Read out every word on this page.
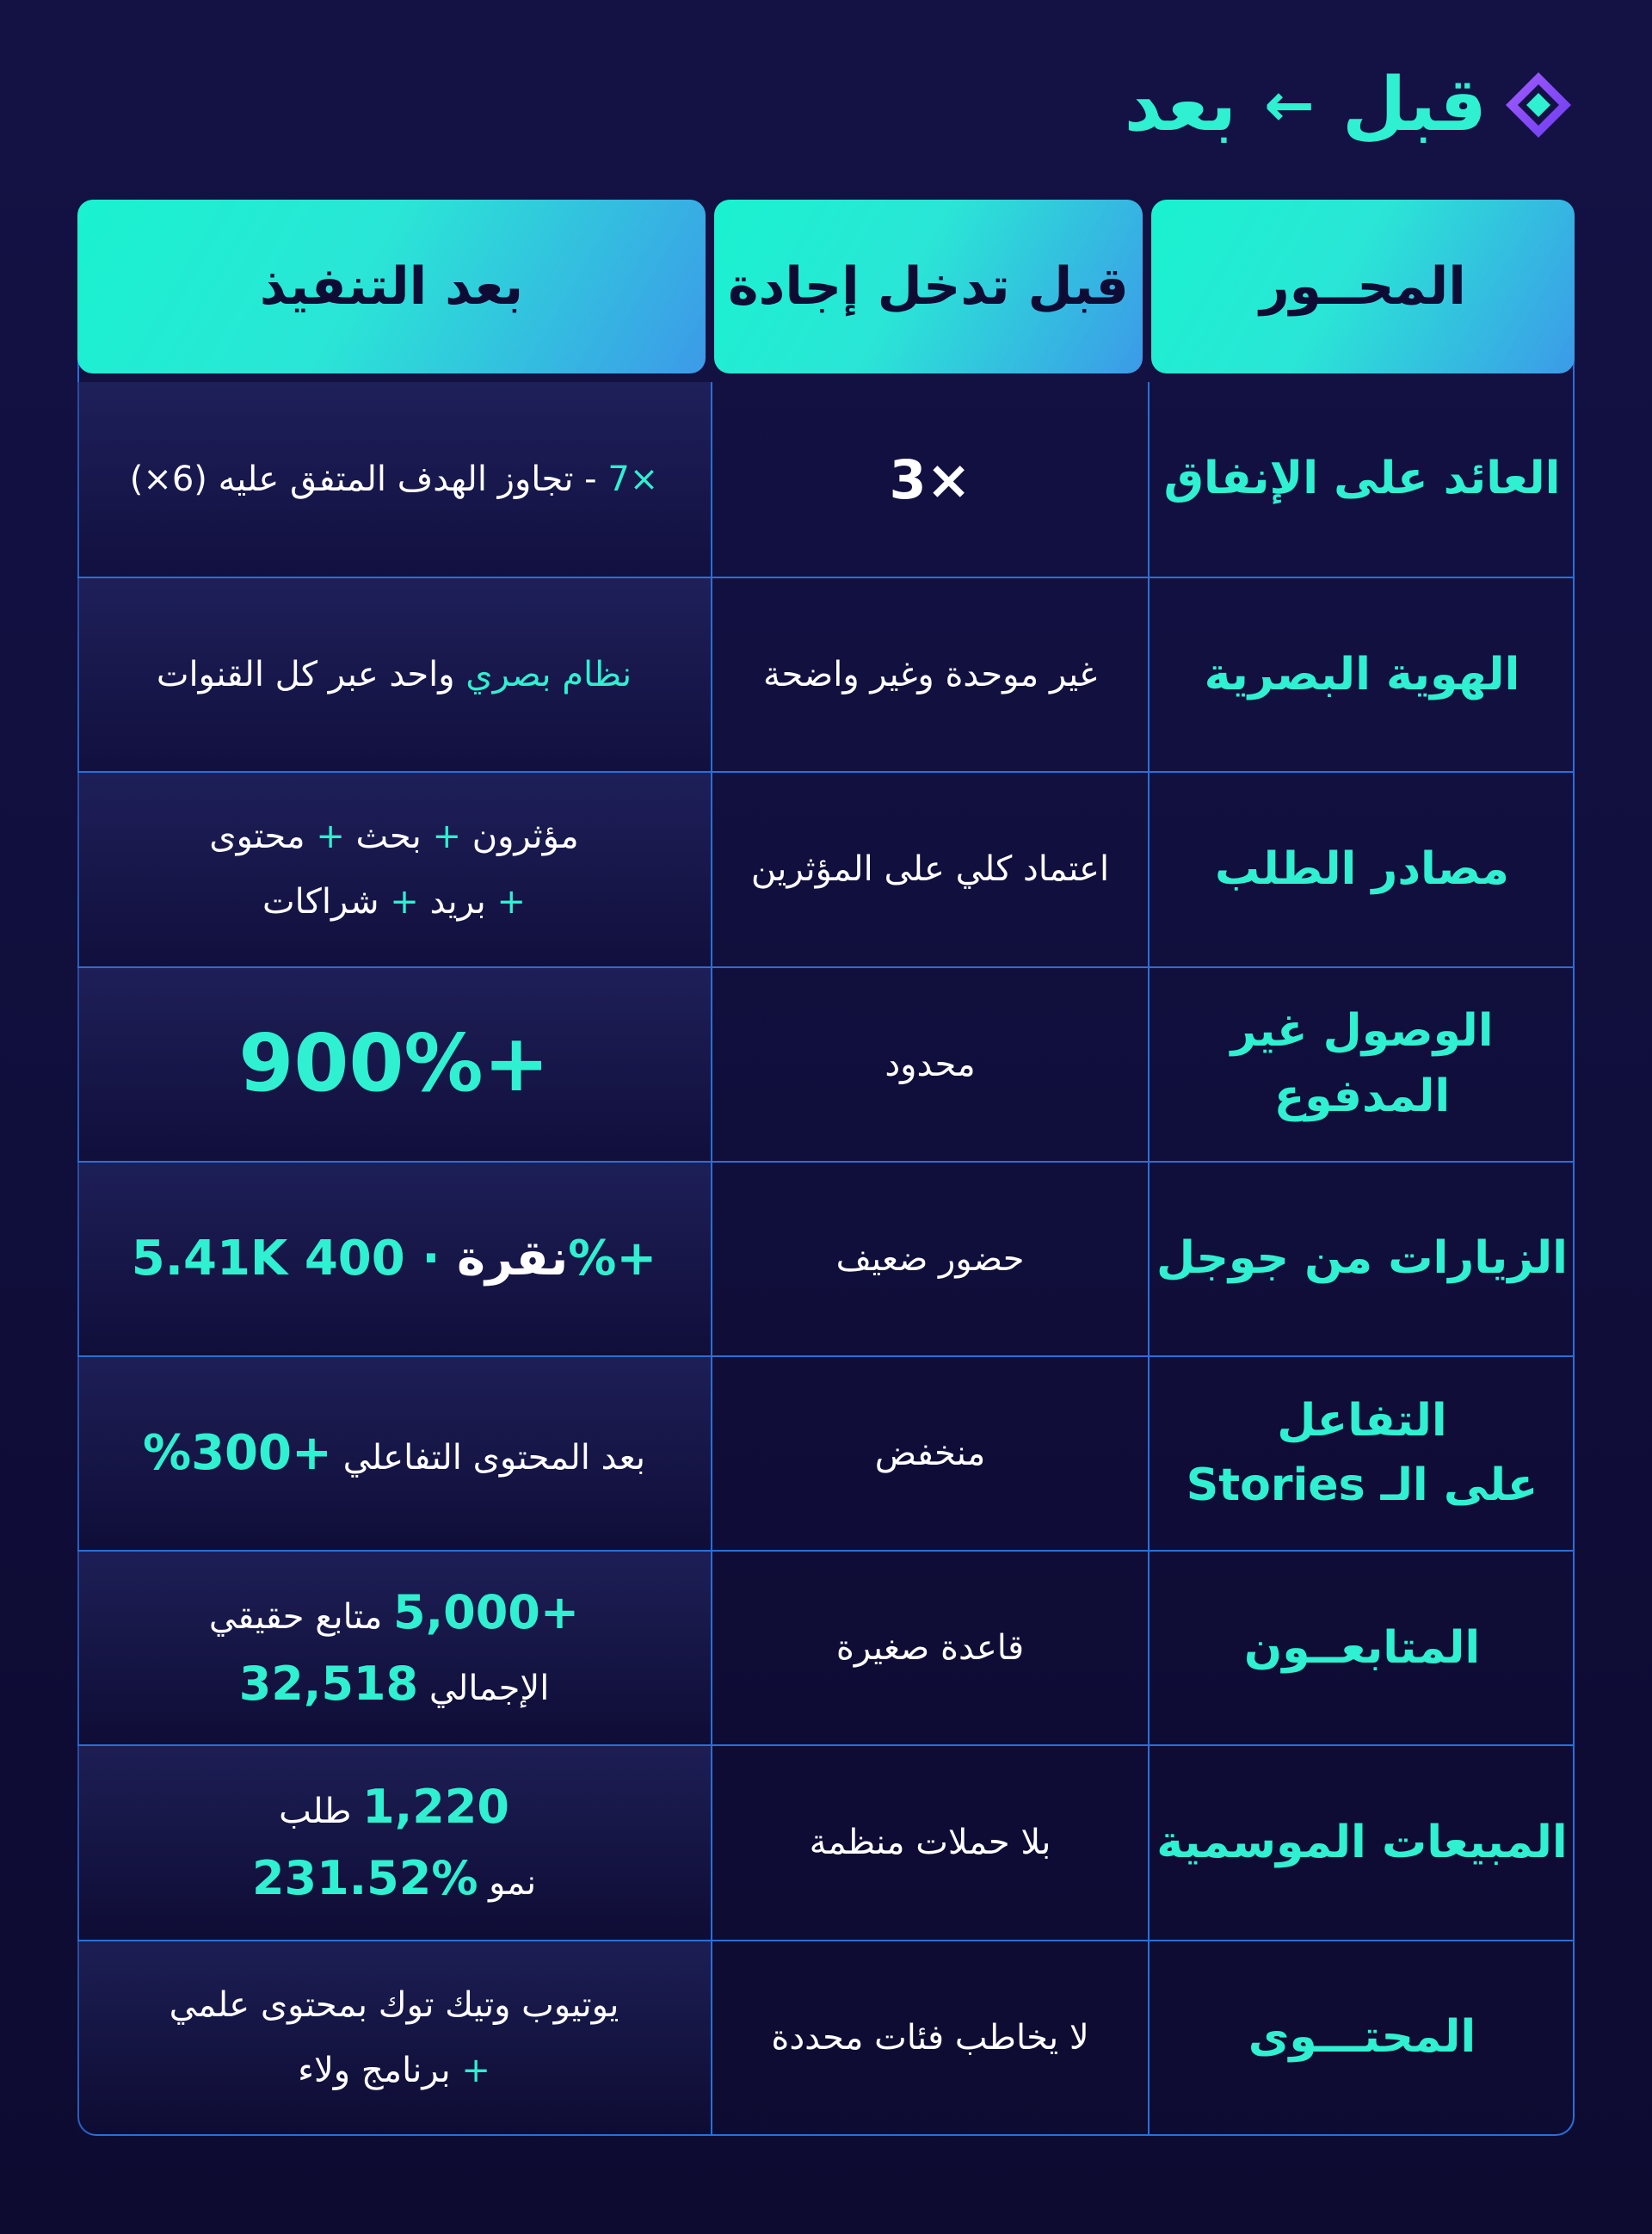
قبل
←
بعد
المحــور
قبل تدخل إجادة
بعد التنفيذ
العائد على الإنفاق
3×
7× - تجاوز الهدف المتفق عليه (6×)
الهوية البصرية
غير موحدة وغير واضحة
نظام بصري واحد عبر كل القنوات
مصادر الطلب
اعتماد كلي على المؤثرين
مؤثرون + بحث + محتوى
+ بريد + شراكات
الوصول غير المدفوع
محدود
900%+
الزيارات من جوجل
حضور ضعيف
5.41K	نقرة · 400%+
التفاعل
على الـ Stories
منخفض
بعد المحتوى التفاعلي +300%
المتابعــون
قاعدة صغيرة
5,000+ متابع حقيقي
الإجمالي 32,518
المبيعات الموسمية
بلا حملات منظمة
1,220 طلب
نمو %231.52
المحتـــوى
لا يخاطب فئات محددة
يوتيوب وتيك توك بمحتوى علمي
+ برنامج ولاء
